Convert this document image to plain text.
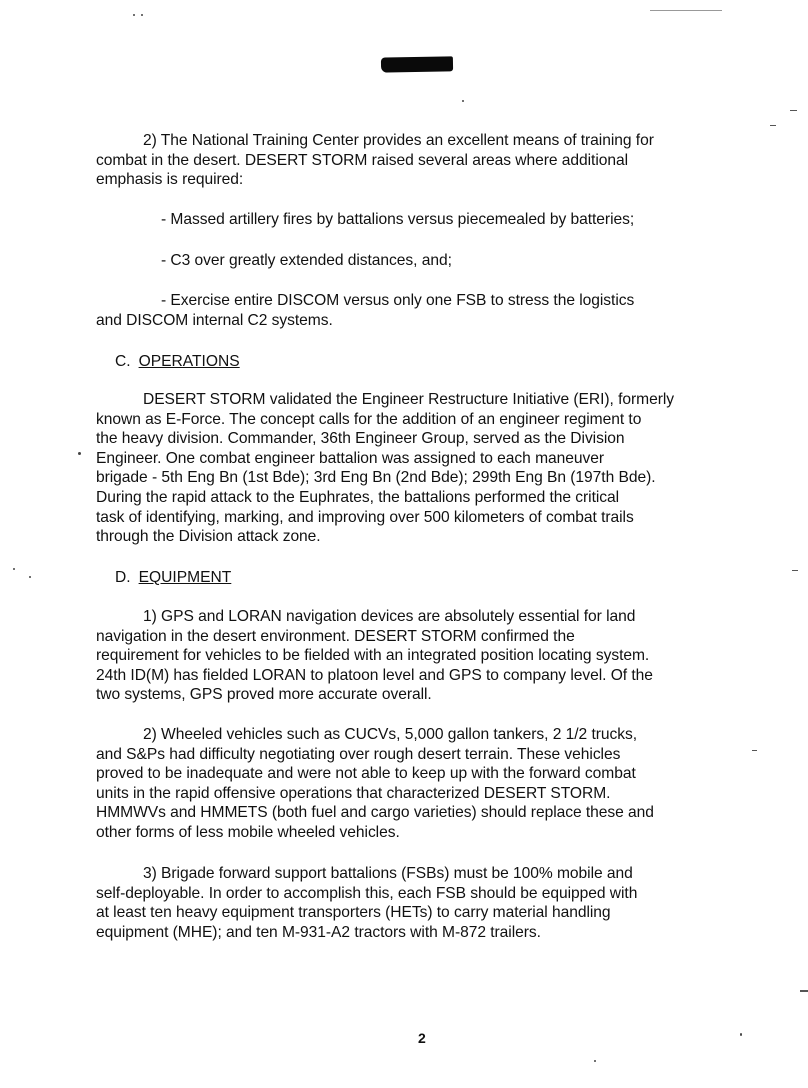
2) The National Training Center provides an excellent means of training for
combat in the desert. DESERT STORM raised several areas where additional
emphasis is required:
- Massed artillery fires by battalions versus piecemealed by batteries;
- C3 over greatly extended distances, and;
- Exercise entire DISCOM versus only one FSB to stress the logistics
and DISCOM internal C2 systems.
C. OPERATIONS
DESERT STORM validated the Engineer Restructure Initiative (ERI), formerly
known as E-Force. The concept calls for the addition of an engineer regiment to
the heavy division. Commander, 36th Engineer Group, served as the Division
Engineer. One combat engineer battalion was assigned to each maneuver
brigade - 5th Eng Bn (1st Bde); 3rd Eng Bn (2nd Bde); 299th Eng Bn (197th Bde).
During the rapid attack to the Euphrates, the battalions performed the critical
task of identifying, marking, and improving over 500 kilometers of combat trails
through the Division attack zone.
D. EQUIPMENT
1) GPS and LORAN navigation devices are absolutely essential for land
navigation in the desert environment. DESERT STORM confirmed the
requirement for vehicles to be fielded with an integrated position locating system.
24th ID(M) has fielded LORAN to platoon level and GPS to company level. Of the
two systems, GPS proved more accurate overall.
2) Wheeled vehicles such as CUCVs, 5,000 gallon tankers, 2 1/2 trucks,
and S&Ps had difficulty negotiating over rough desert terrain. These vehicles
proved to be inadequate and were not able to keep up with the forward combat
units in the rapid offensive operations that characterized DESERT STORM.
HMMWVs and HMMETS (both fuel and cargo varieties) should replace these and
other forms of less mobile wheeled vehicles.
3) Brigade forward support battalions (FSBs) must be 100% mobile and
self-deployable. In order to accomplish this, each FSB should be equipped with
at least ten heavy equipment transporters (HETs) to carry material handling
equipment (MHE); and ten M-931-A2 tractors with M-872 trailers.
2
